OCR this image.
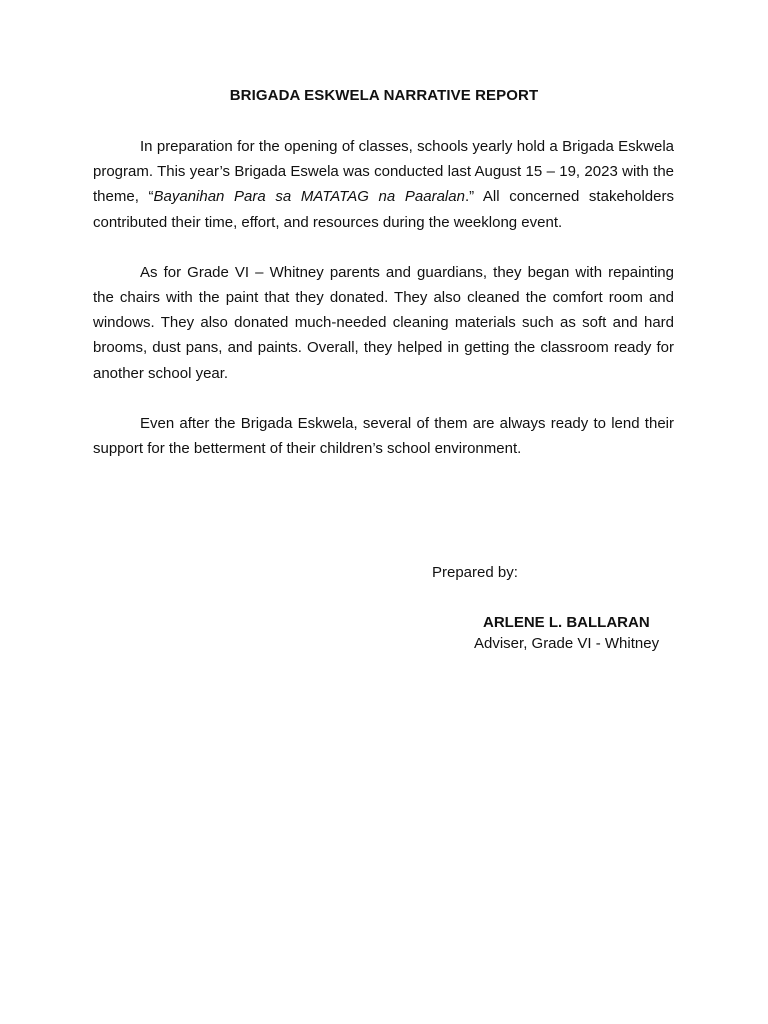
BRIGADA ESKWELA NARRATIVE REPORT

In preparation for the opening of classes, schools yearly hold a Brigada Eskwela program. This year’s Brigada Eswela was conducted last August 15 – 19, 2023 with the theme, “Bayanihan Para sa MATATAG na Paaralan.” All concerned stakeholders contributed their time, effort, and resources during the weeklong event.

As for Grade VI – Whitney parents and guardians, they began with repainting the chairs with the paint that they donated. They also cleaned the comfort room and windows. They also donated much-needed cleaning materials such as soft and hard brooms, dust pans, and paints. Overall, they helped in getting the classroom ready for another school year.

Even after the Brigada Eskwela, several of them are always ready to lend their support for the betterment of their children’s school environment.

Prepared by:

ARLENE L. BALLARAN

Adviser, Grade VI - Whitney
